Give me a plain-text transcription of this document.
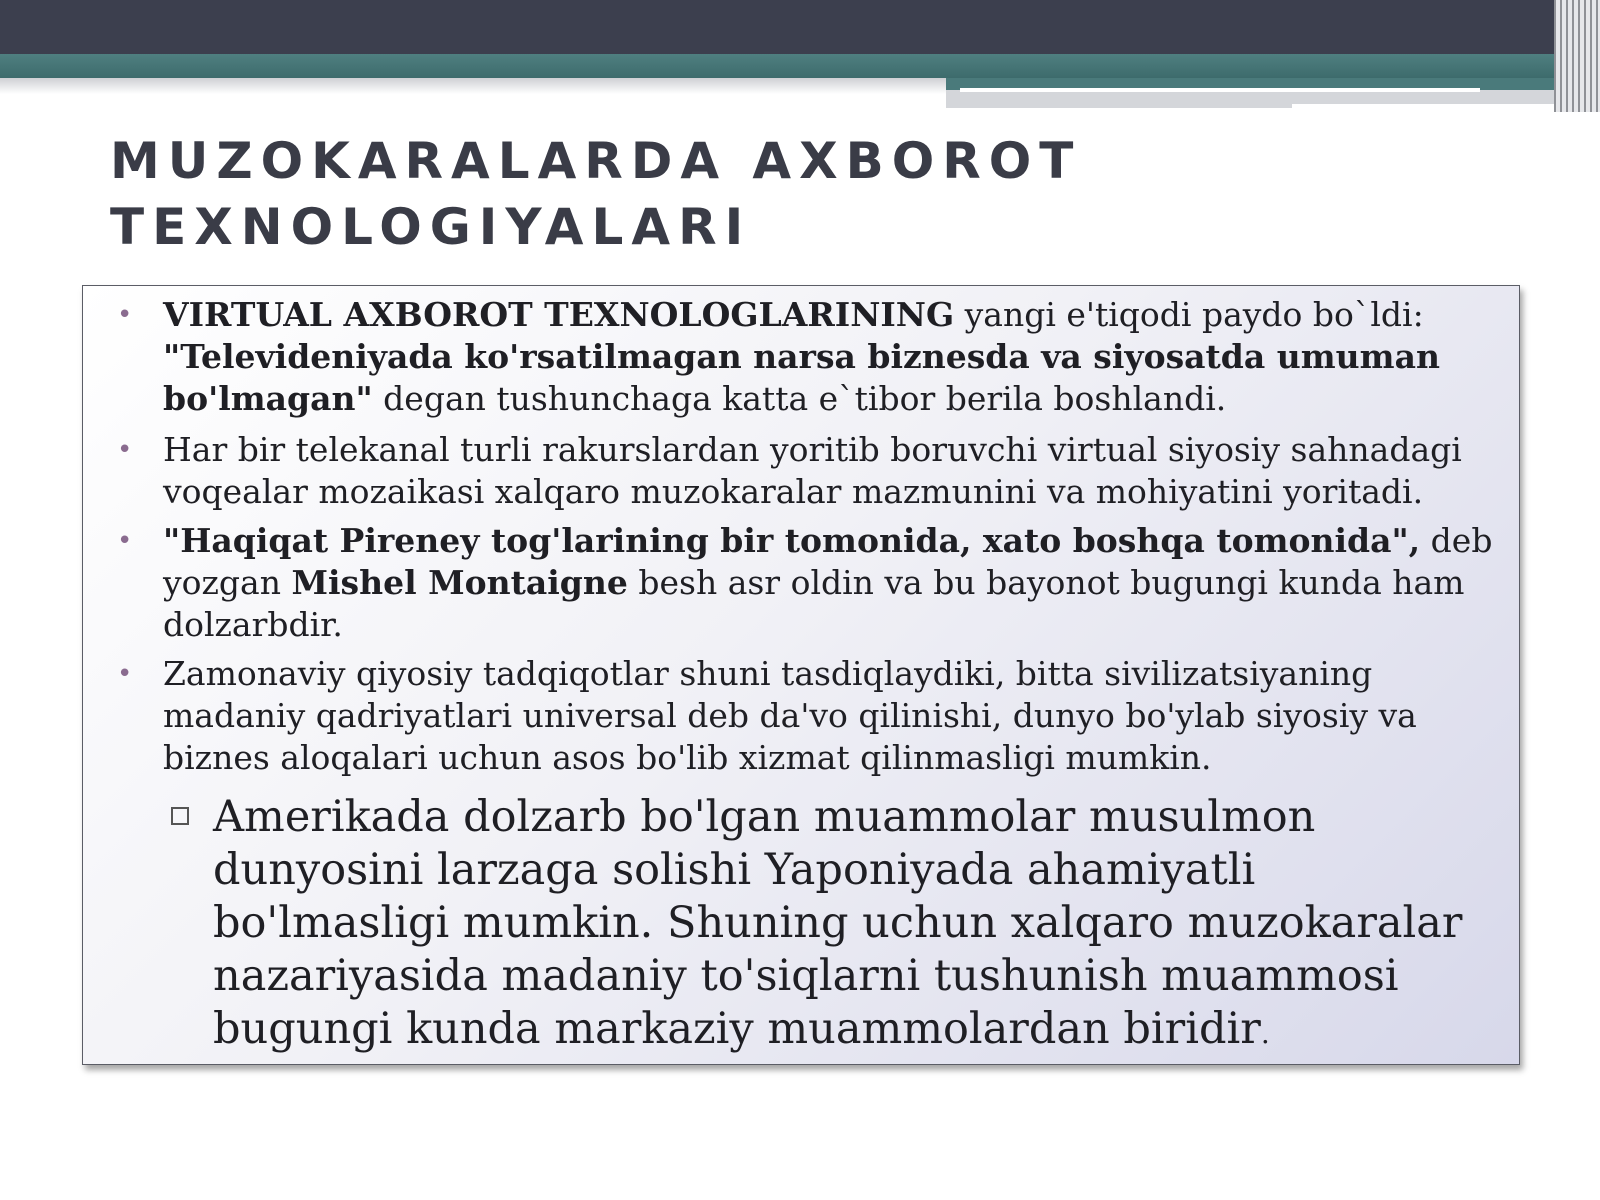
MUZOKARALARDA AXBOROT
TEXNOLOGIYALARI
• VIRTUAL AXBOROT TEXNOLOGLARINING yangi e'tiqodi paydo bo`ldi: "Televideniyada ko'rsatilmagan narsa biznesda va siyosatda umuman bo'lmagan" degan tushunchaga katta e`tibor berila boshlandi.
• Har bir telekanal turli rakurslardan yoritib boruvchi virtual siyosiy sahnadagi voqealar mozaikasi xalqaro muzokaralar mazmunini va mohiyatini yoritadi.
• "Haqiqat Pireney tog'larining bir tomonida, xato boshqa tomonida", deb yozgan Mishel Montaigne besh asr oldin va bu bayonot bugungi kunda ham dolzarbdir.
• Zamonaviy qiyosiy tadqiqotlar shuni tasdiqlaydiki, bitta sivilizatsiyaning madaniy qadriyatlari universal deb da'vo qilinishi, dunyo bo'ylab siyosiy va biznes aloqalari uchun asos bo'lib xizmat qilinmasligi mumkin.
Amerikada dolzarb bo'lgan muammolar musulmon dunyosini larzaga solishi Yaponiyada ahamiyatli bo'lmasligi mumkin. Shuning uchun xalqaro muzokaralar nazariyasida madaniy to'siqlarni tushunish muammosi bugungi kunda markaziy muammolardan biridir.
